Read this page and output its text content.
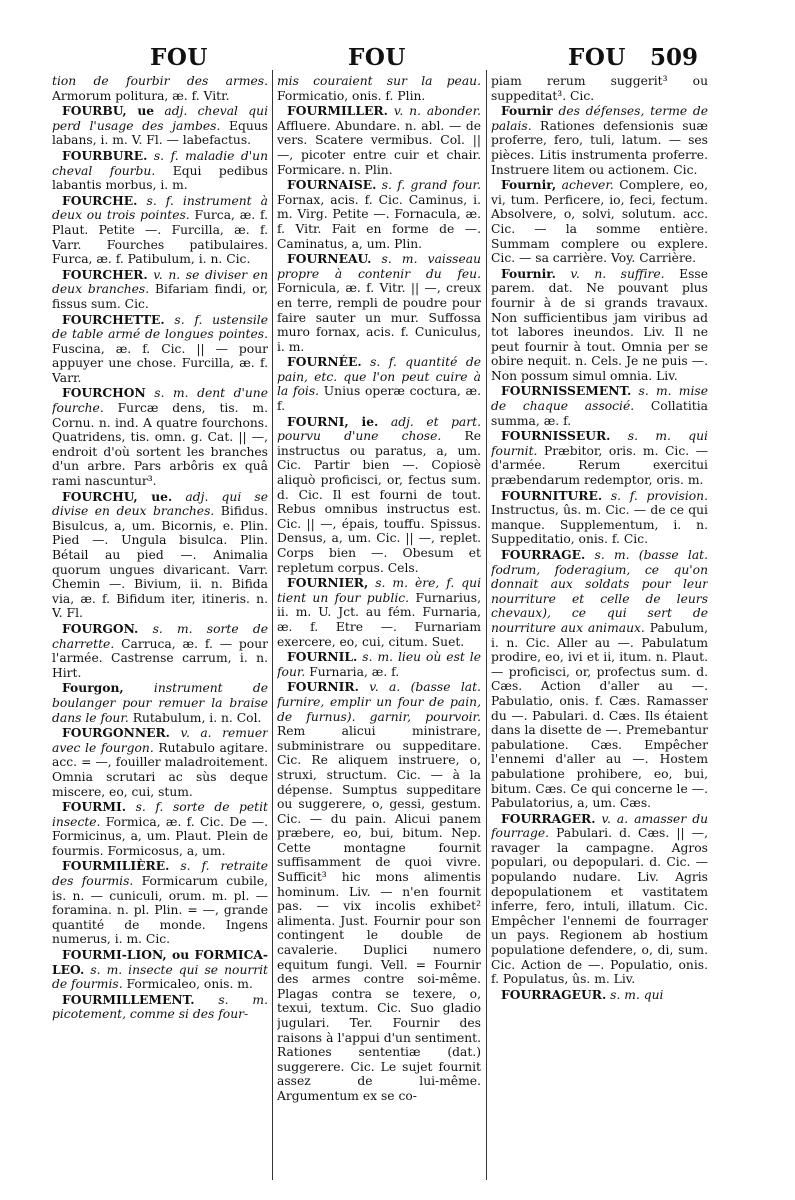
FOU	FOU	FOU 509

tion de fourbir des armes. Armorum politura, æ. f. Vitr.

FOURBU, ue adj. cheval qui perd l'usage des jambes. Equus labans, i. m. V. Fl. — labefactus.

FOURBURE. s. f. maladie d'un cheval fourbu. Equi pedibus labantis morbus, i. m.

FOURCHE. s. f. instrument à deux ou trois pointes. Furca, æ. f. Plaut. Petite —. Furcilla, æ. f. Varr. Fourches patibulaires. Furca, æ. f. Patibulum, i. n. Cic.

FOURCHER. v. n. se diviser en deux branches. Bifariam findi, or, fissus sum. Cic.

FOURCHETTE. s. f. ustensile de table armé de longues pointes. Fuscina, æ. f. Cic. || — pour appuyer une chose. Furcilla, æ. f. Varr.

FOURCHON s. m. dent d'une fourche. Furcæ dens, tis. m. Cornu. n. ind. A quatre fourchons. Quatridens, tis. omn. g. Cat. || —, endroit d'où sortent les branches d'un arbre. Pars arbôris ex quâ rami nascuntur³.

FOURCHU, ue. adj. qui se divise en deux branches. Bifidus. Bisulcus, a, um. Bicornis, e. Plin. Pied —. Ungula bisulca. Plin. Bétail au pied —. Animalia quorum ungues divaricant. Varr. Chemin —. Bivium, ii. n. Bifida via, æ. f. Bifidum iter, itineris. n. V. Fl.

FOURGON. s. m. sorte de charrette. Carruca, æ. f. — pour l'armée. Castrense carrum, i. n. Hirt.

Fourgon, instrument de boulanger pour remuer la braise dans le four. Rutabulum, i. n. Col.

FOURGONNER. v. a. remuer avec le fourgon. Rutabulo agitare. acc. = —, fouiller maladroitement. Omnia scrutari ac sùs deque miscere, eo, cui, stum.

FOURMI. s. f. sorte de petit insecte. Formica, æ. f. Cic. De —. Formicinus, a, um. Plaut. Plein de fourmis. Formicosus, a, um.

FOURMILIÈRE. s. f. retraite des fourmis. Formicarum cubile, is. n. — cuniculi, orum. m. pl. — foramina. n. pl. Plin. = —, grande quantité de monde. Ingens numerus, i. m. Cic.

FOURMI-LION, ou FORMICA-LEO. s. m. insecte qui se nourrit de fourmis. Formicaleo, onis. m.

FOURMILLEMENT. s. m. picotement, comme si des four-

mis couraient sur la peau. Formicatio, onis. f. Plin.

FOURMILLER. v. n. abonder. Affluere. Abundare. n. abl. — de vers. Scatere vermibus. Col. || —, picoter entre cuir et chair. Formicare. n. Plin.

FOURNAISE. s. f. grand four. Fornax, acis. f. Cic. Caminus, i. m. Virg. Petite —. Fornacula, æ. f. Vitr. Fait en forme de —. Caminatus, a, um. Plin.

FOURNEAU. s. m. vaisseau propre à contenir du feu. Fornicula, æ. f. Vitr. || —, creux en terre, rempli de poudre pour faire sauter un mur. Suffossa muro fornax, acis. f. Cuniculus, i. m.

FOURNÉE. s. f. quantité de pain, etc. que l'on peut cuire à la fois. Unius operæ coctura, æ. f.

FOURNI, ie. adj. et part. pourvu d'une chose. Re instructus ou paratus, a, um. Cic. Partir bien —. Copiosè aliquò proficisci, or, fectus sum. d. Cic. Il est fourni de tout. Rebus omnibus instructus est. Cic. || —, épais, touffu. Spissus. Densus, a, um. Cic. || —, replet. Corps bien —. Obesum et repletum corpus. Cels.

FOURNIER, s. m. ère, f. qui tient un four public. Furnarius, ii. m. U. Jct. au fém. Furnaria, æ. f. Etre —. Furnariam exercere, eo, cui, citum. Suet.

FOURNIL. s. m. lieu où est le four. Furnaria, æ. f.

FOURNIR. v. a. (basse lat. furnire, emplir un four de pain, de furnus). garnir, pourvoir. Rem alicui ministrare, subministrare ou suppeditare. Cic. Re aliquem instruere, o, struxi, structum. Cic. — à la dépense. Sumptus suppeditare ou suggerere, o, gessi, gestum. Cic. — du pain. Alicui panem præbere, eo, bui, bitum. Nep. Cette montagne fournit suffisamment de quoi vivre. Sufficit³ hic mons alimentis hominum. Liv. — n'en fournit pas. — vix incolis exhibet² alimenta. Just. Fournir pour son contingent le double de cavalerie. Duplici numero equitum fungi. Vell. = Fournir des armes contre soi-même. Plagas contra se texere, o, texui, textum. Cic. Suo gladio jugulari. Ter. Fournir des raisons à l'appui d'un sentiment. Rationes sententiæ (dat.) suggerere. Cic. Le sujet fournit assez de lui-même. Argumentum ex se co-

piam rerum suggerit³ ou suppeditat³. Cic.

Fournir des défenses, terme de palais. Rationes defensionis suæ proferre, fero, tuli, latum. — ses pièces. Litis instrumenta proferre. Instruere litem ou actionem. Cic.

Fournir, achever. Complere, eo, vi, tum. Perficere, io, feci, fectum. Absolvere, o, solvi, solutum. acc. Cic. — la somme entière. Summam complere ou explere. Cic. — sa carrière. Voy. Carrière.

Fournir. v. n. suffire. Esse parem. dat. Ne pouvant plus fournir à de si grands travaux. Non sufficientibus jam viribus ad tot labores ineundos. Liv. Il ne peut fournir à tout. Omnia per se obire nequit. n. Cels. Je ne puis —. Non possum simul omnia. Liv.

FOURNISSEMENT. s. m. mise de chaque associé. Collatitia summa, æ. f.

FOURNISSEUR. s. m. qui fournit. Præbitor, oris. m. Cic. — d'armée. Rerum exercitui præbendarum redemptor, oris. m.

FOURNITURE. s. f. provision. Instructus, ûs. m. Cic. — de ce qui manque. Supplementum, i. n. Suppeditatio, onis. f. Cic.

FOURRAGE. s. m. (basse lat. fodrum, foderagium, ce qu'on donnait aux soldats pour leur nourriture et celle de leurs chevaux), ce qui sert de nourriture aux animaux. Pabulum, i. n. Cic. Aller au —. Pabulatum prodire, eo, ivi et ii, itum. n. Plaut. — proficisci, or, profectus sum. d. Cæs. Action d'aller au —. Pabulatio, onis. f. Cæs. Ramasser du —. Pabulari. d. Cæs. Ils étaient dans la disette de —. Premebantur pabulatione. Cæs. Empêcher l'ennemi d'aller au —. Hostem pabulatione prohibere, eo, bui, bitum. Cæs. Ce qui concerne le —. Pabulatorius, a, um. Cæs.

FOURRAGER. v. a. amasser du fourrage. Pabulari. d. Cæs. || —, ravager la campagne. Agros populari, ou depopulari. d. Cic. — populando nudare. Liv. Agris depopulationem et vastitatem inferre, fero, intuli, illatum. Cic. Empêcher l'ennemi de fourrager un pays. Regionem ab hostium populatione defendere, o, di, sum. Cic. Action de —. Populatio, onis. f. Populatus, ûs. m. Liv.

FOURRAGEUR. s. m. qui
